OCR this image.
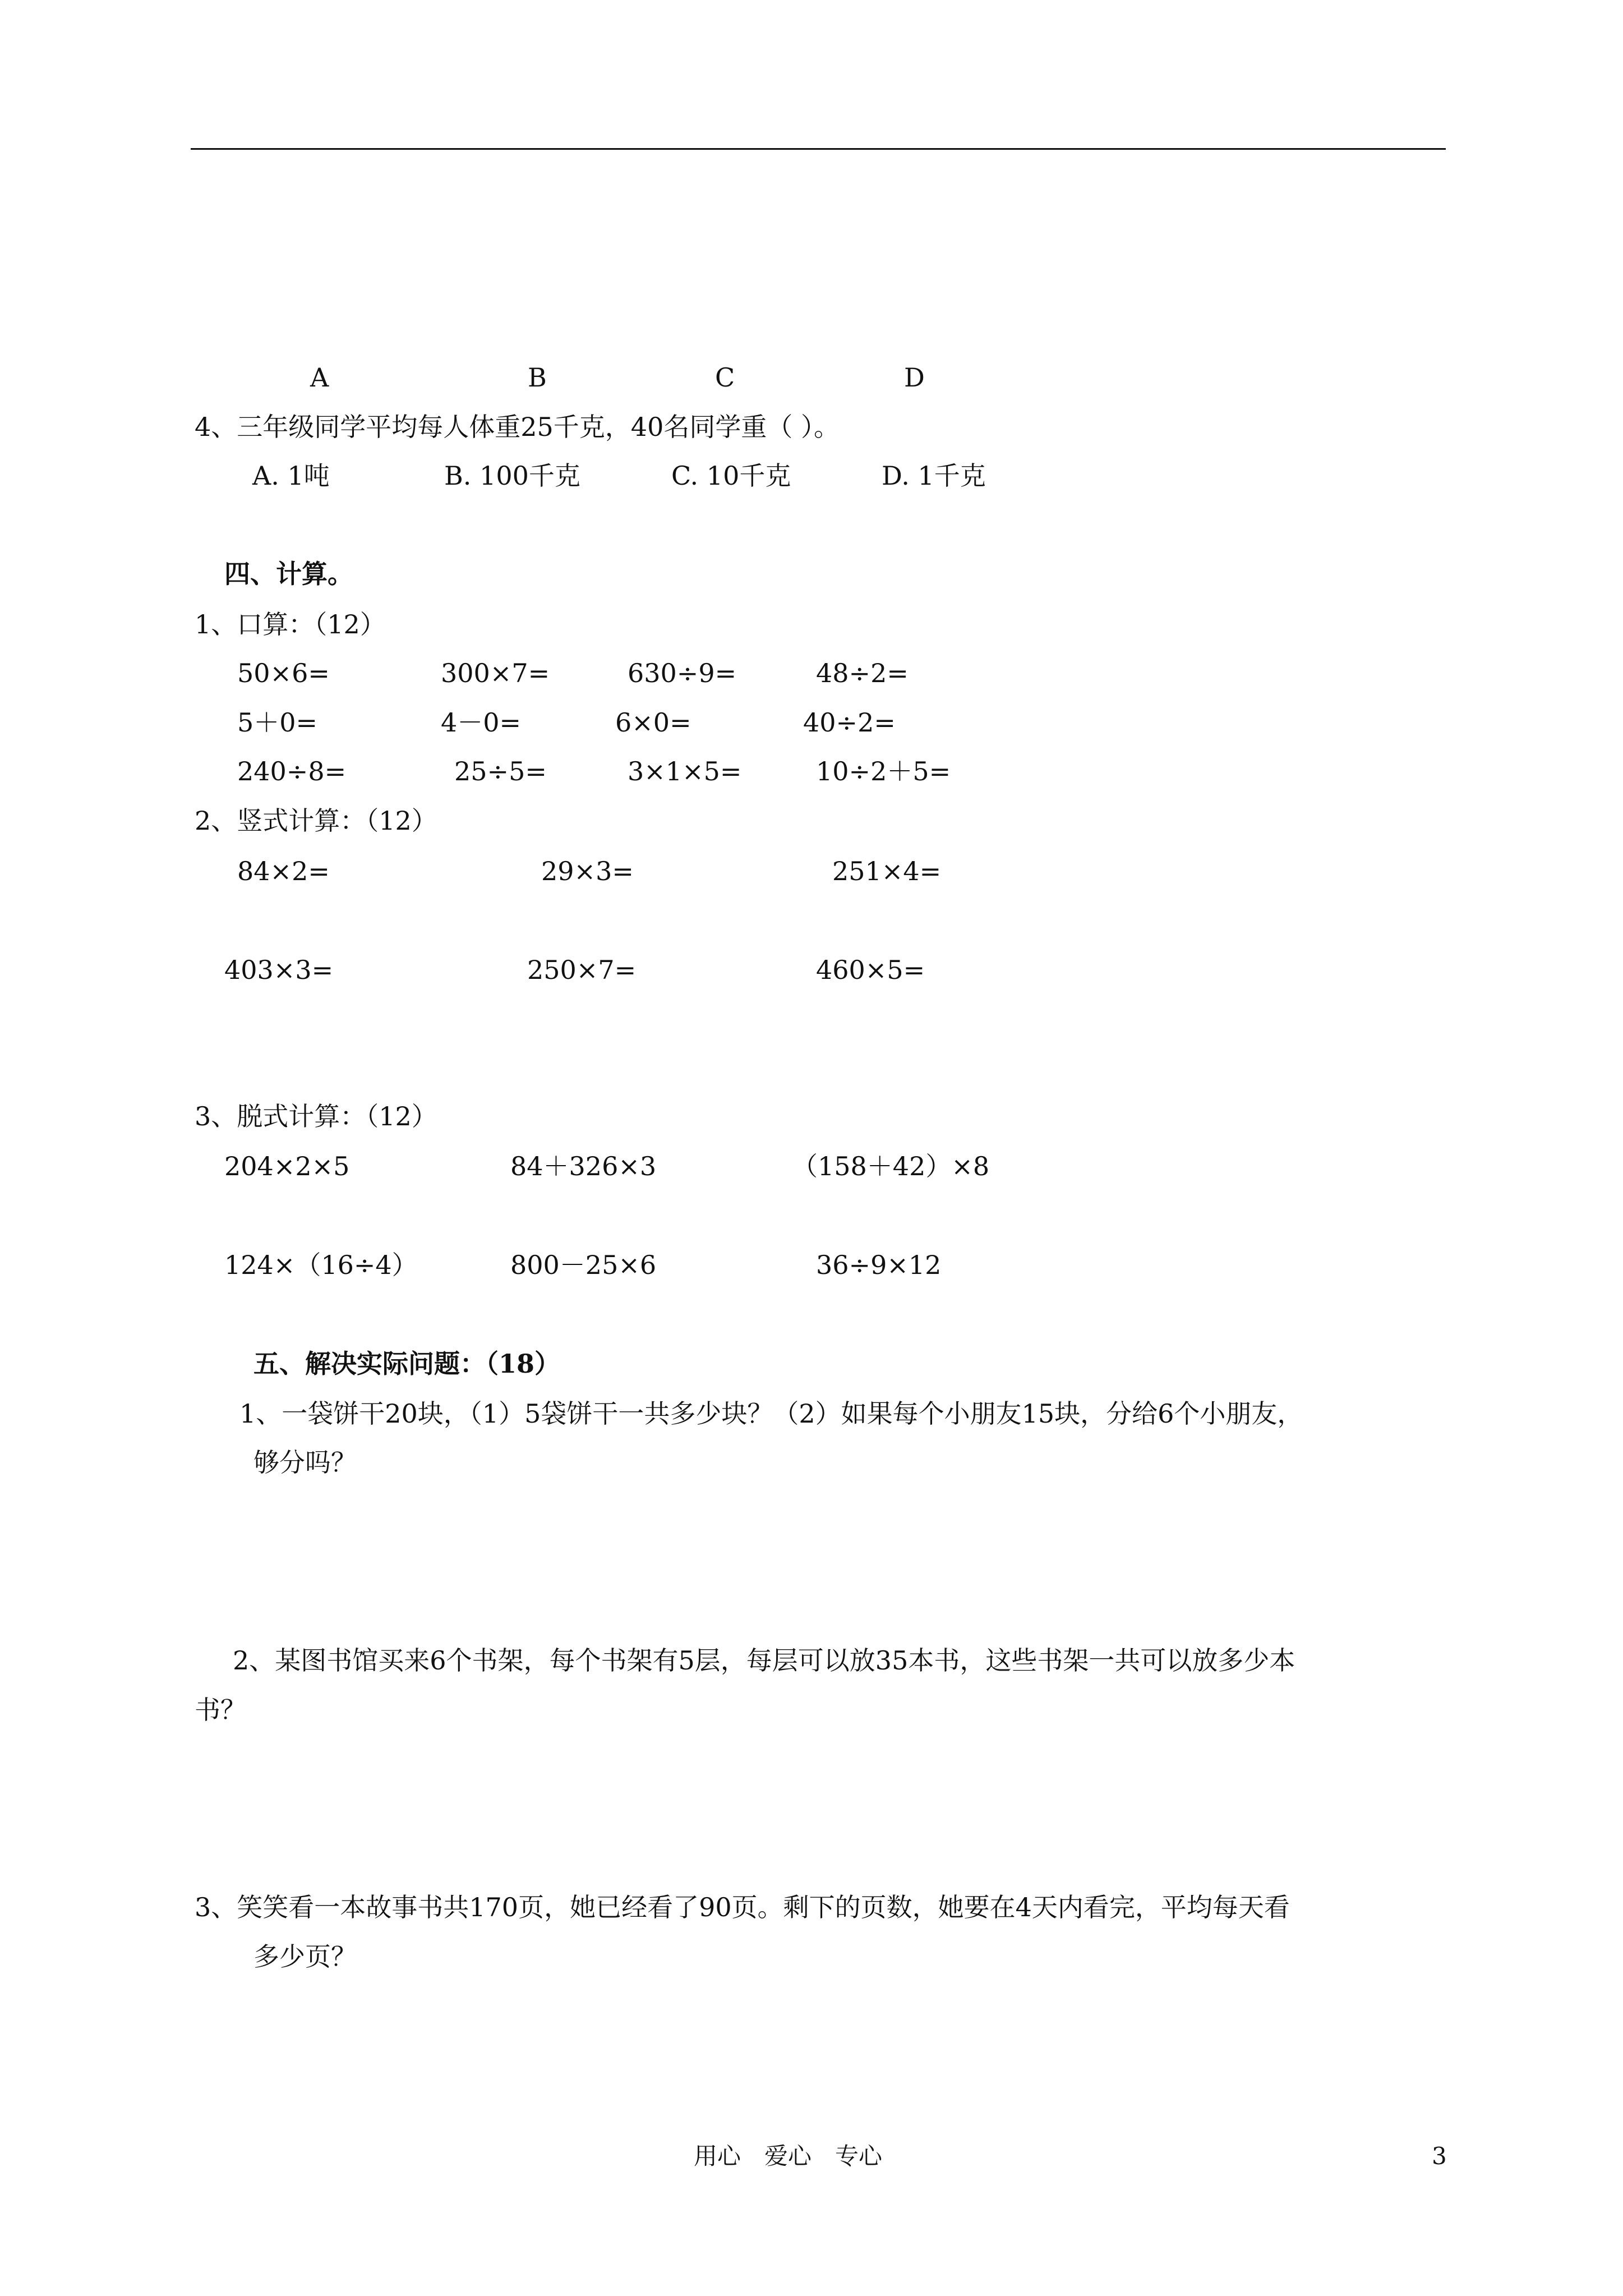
A	B	C	D
4、三年级同学平均每人体重25千克，40名同学重（ ）。
A. 1吨	B. 100千克	C. 10千克	D. 1千克
四、计算。
1、口算：（12）
50×6=	300×7=	630÷9=	48÷2=
5＋0=	4－0=	6×0=	40÷2=
240÷8=	25÷5=	3×1×5=	10÷2＋5=
2、竖式计算：（12）
84×2=	29×3=	251×4=
403×3=	250×7=	460×5=
3、脱式计算：（12）
204×2×5	84＋326×3	（158＋42）×8
124×（16÷4）	800－25×6	36÷9×12
五、解决实际问题：（18）
1、一袋饼干20块，（1）5袋饼干一共多少块？（2）如果每个小朋友15块，分给6个小朋友，
够分吗？
2、某图书馆买来6个书架，每个书架有5层，每层可以放35本书，这些书架一共可以放多少本
书？
3、笑笑看一本故事书共170页，她已经看了90页。剩下的页数，她要在4天内看完，平均每天看
多少页？
用心　爱心　专心	3
